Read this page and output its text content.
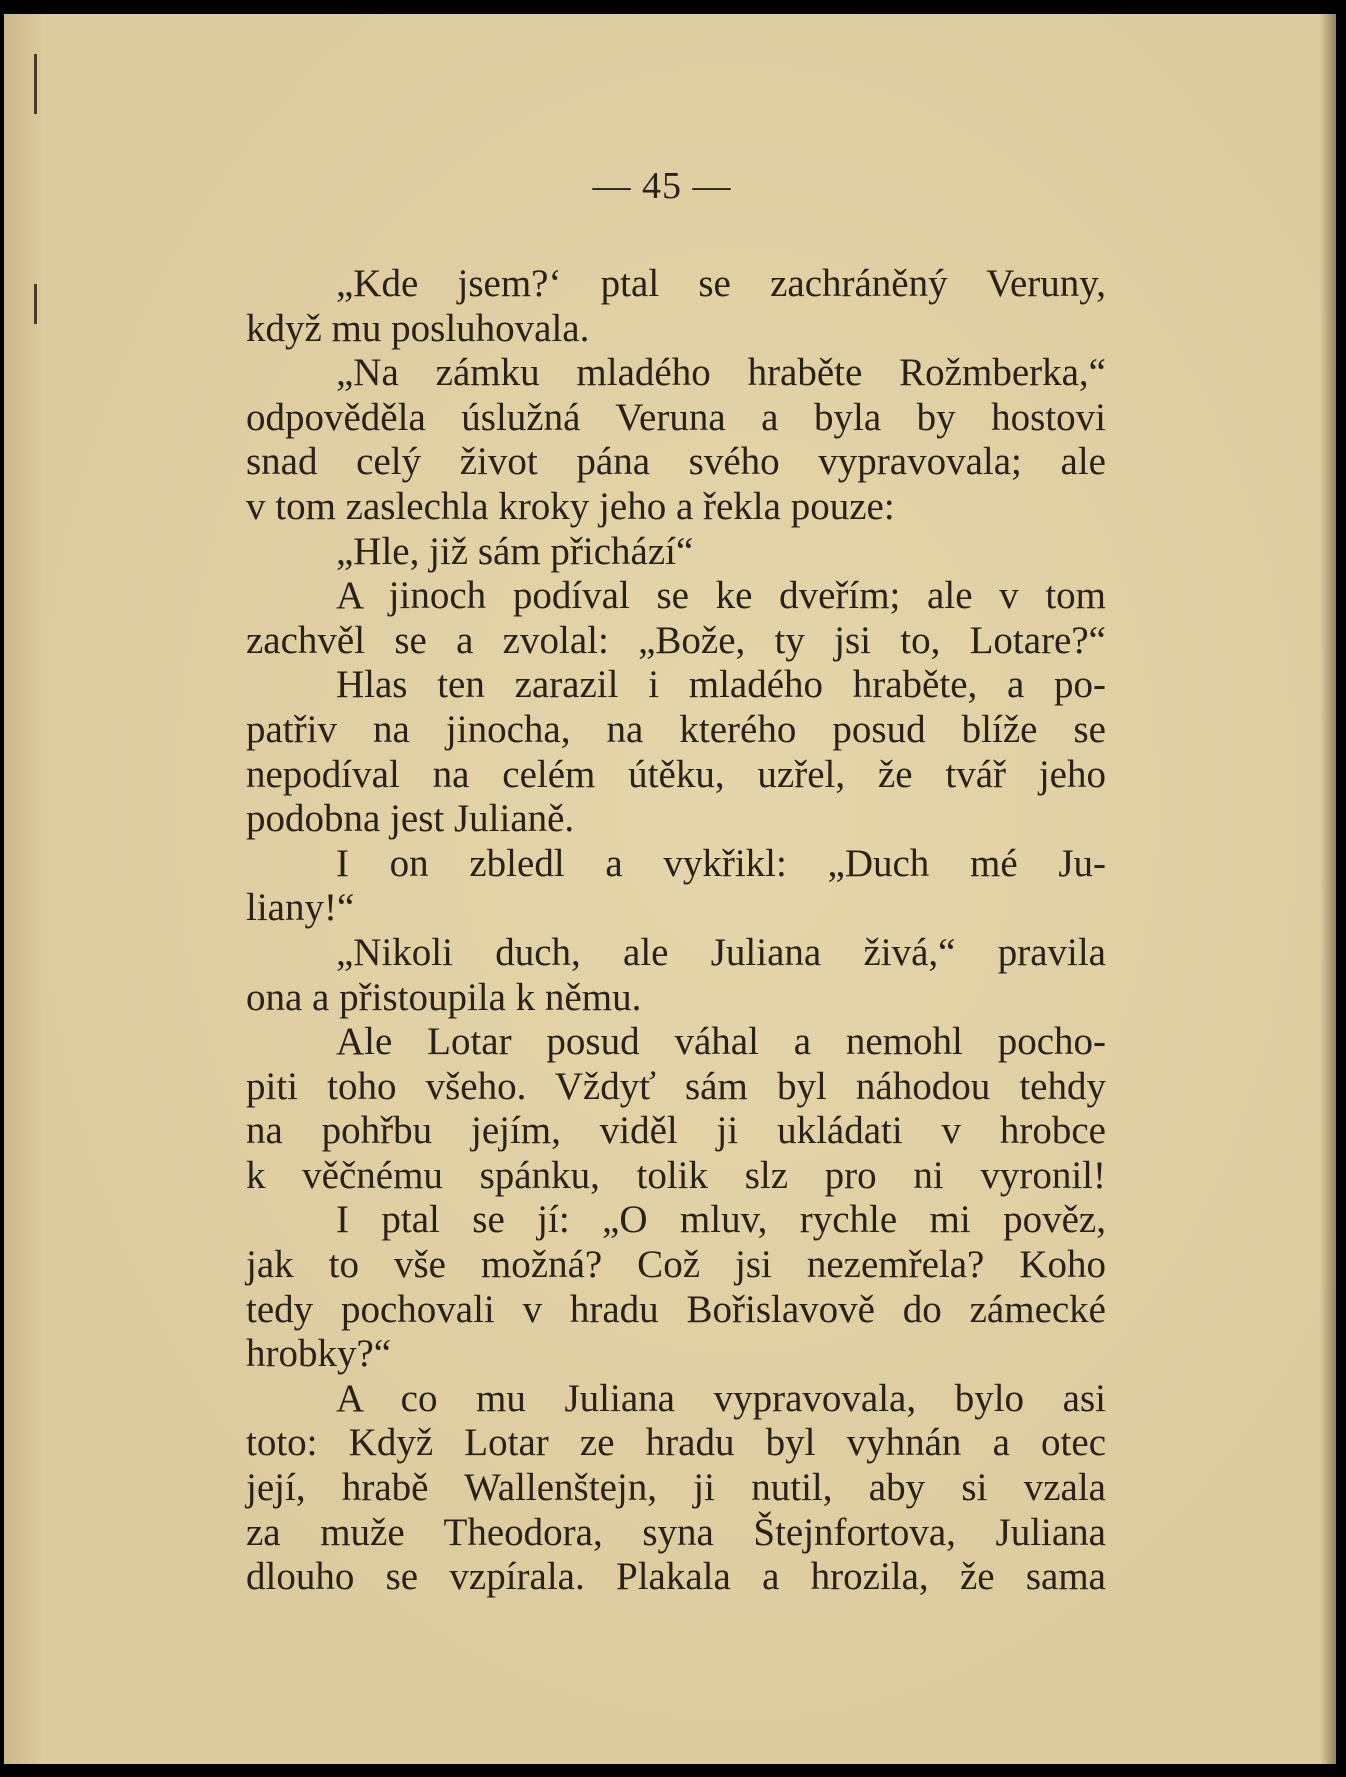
— 45 —
„Kde jsem?‘ ptal se zachráněný Veruny,
když mu posluhovala.
„Na zámku mladého hraběte Rožmberka,“
odpověděla úslužná Veruna a byla by hostovi
snad celý život pána svého vypravovala; ale
v tom zaslechla kroky jeho a řekla pouze:
„Hle, již sám přichází“
A jinoch podíval se ke dveřím; ale v tom
zachvěl se a zvolal: „Bože, ty jsi to, Lotare?“
Hlas ten zarazil i mladého hraběte, a po-
patřiv na jinocha, na kterého posud blíže se
nepodíval na celém útěku, uzřel, že tvář jeho
podobna jest Julianě.
I on zbledl a vykřikl: „Duch mé Ju-
liany!“
„Nikoli duch, ale Juliana živá,“ pravila
ona a přistoupila k němu.
Ale Lotar posud váhal a nemohl pocho-
piti toho všeho. Vždyť sám byl náhodou tehdy
na pohřbu jejím, viděl ji ukládati v hrobce
k věčnému spánku, tolik slz pro ni vyronil!
I ptal se jí: „O mluv, rychle mi pověz,
jak to vše možná? Což jsi nezemřela? Koho
tedy pochovali v hradu Bořislavově do zámecké
hrobky?“
A co mu Juliana vypravovala, bylo asi
toto: Když Lotar ze hradu byl vyhnán a otec
její, hrabě Wallenštejn, ji nutil, aby si vzala
za muže Theodora, syna Štejnfortova, Juliana
dlouho se vzpírala. Plakala a hrozila, že sama
